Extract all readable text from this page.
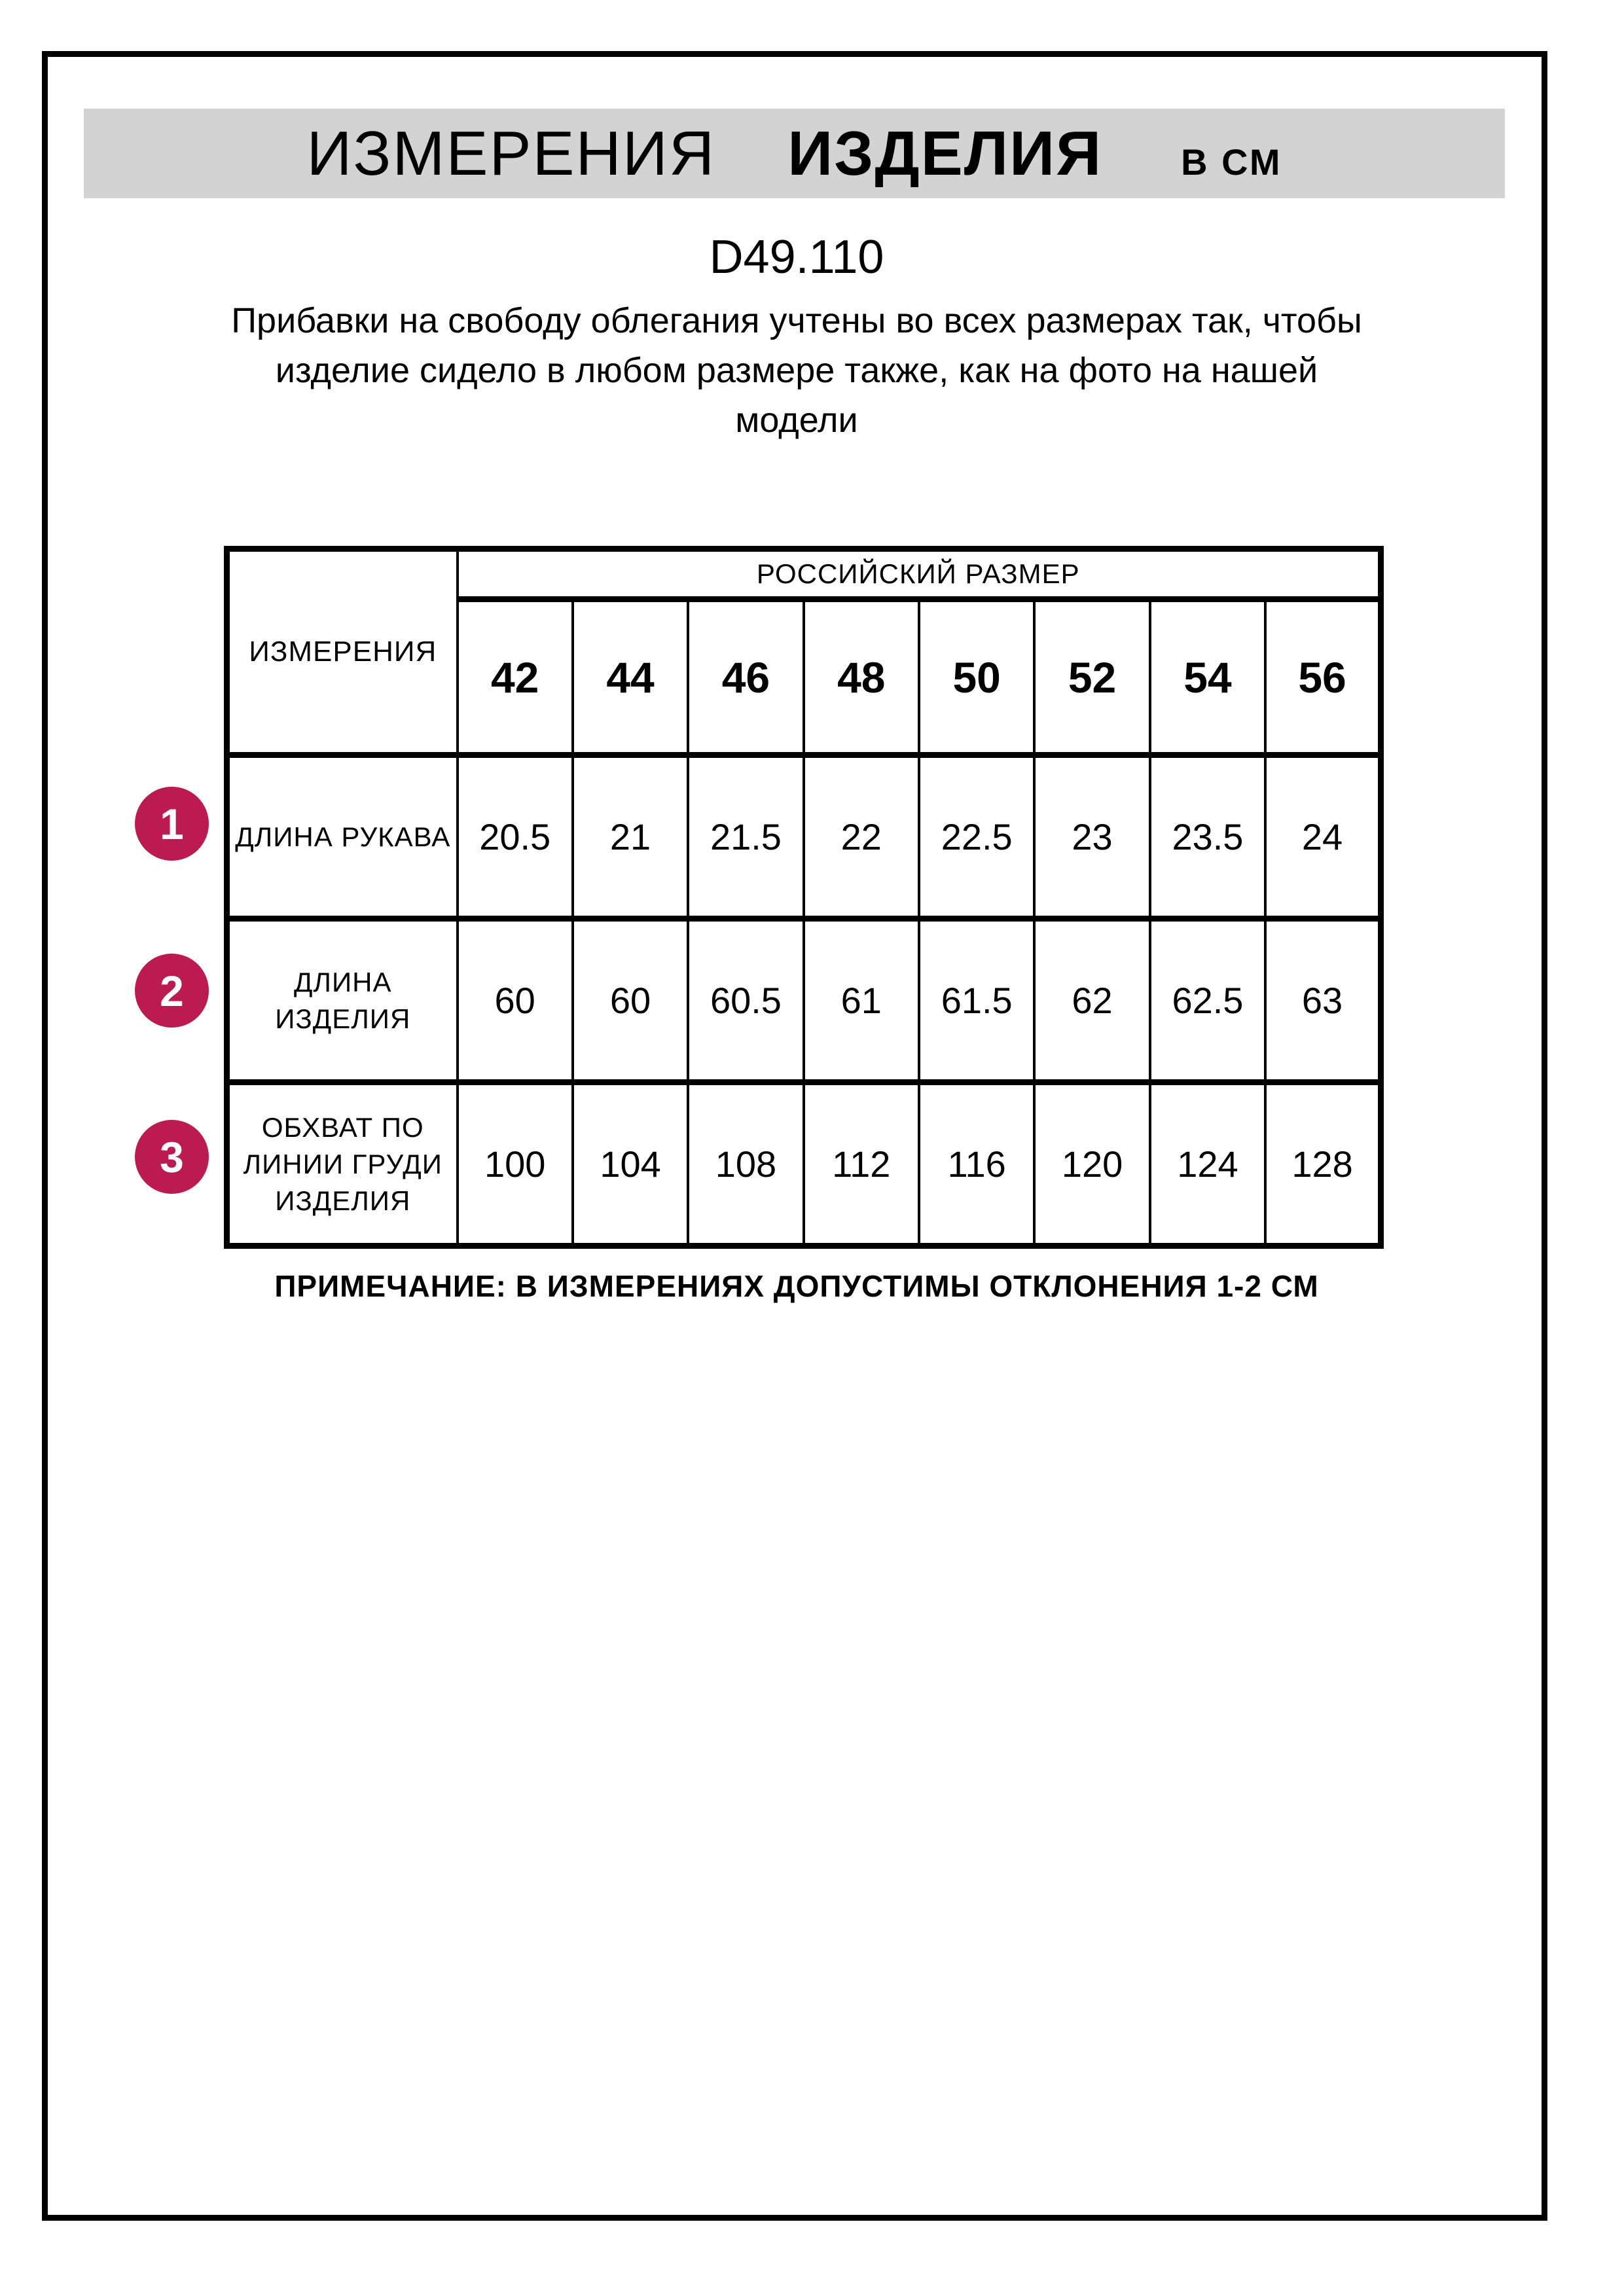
ИЗМЕРЕНИЯ ИЗДЕЛИЯ В СМ
D49.110
Прибавки на свободу облегания учтены во всех размерах так, чтобы
изделие сидело в любом размере также, как на фото на нашей
модели
ИЗМЕРЕНИЯ	РОССИЙСКИЙ РАЗМЕР							
	42	44	46	48	50	52	54	56

ДЛИНА РУКАВА	20.5	21	21.5	22	22.5	23	23.5	24

ДЛИНА
ИЗДЕЛИЯ	60	60	60.5	61	61.5	62	62.5	63

ОБХВАТ ПО
ЛИНИИ ГРУДИ
ИЗДЕЛИЯ	100	104	108	112	116	120	124	128
1
2
3
ПРИМЕЧАНИЕ: В ИЗМЕРЕНИЯХ ДОПУСТИМЫ ОТКЛОНЕНИЯ 1-2 СМ
